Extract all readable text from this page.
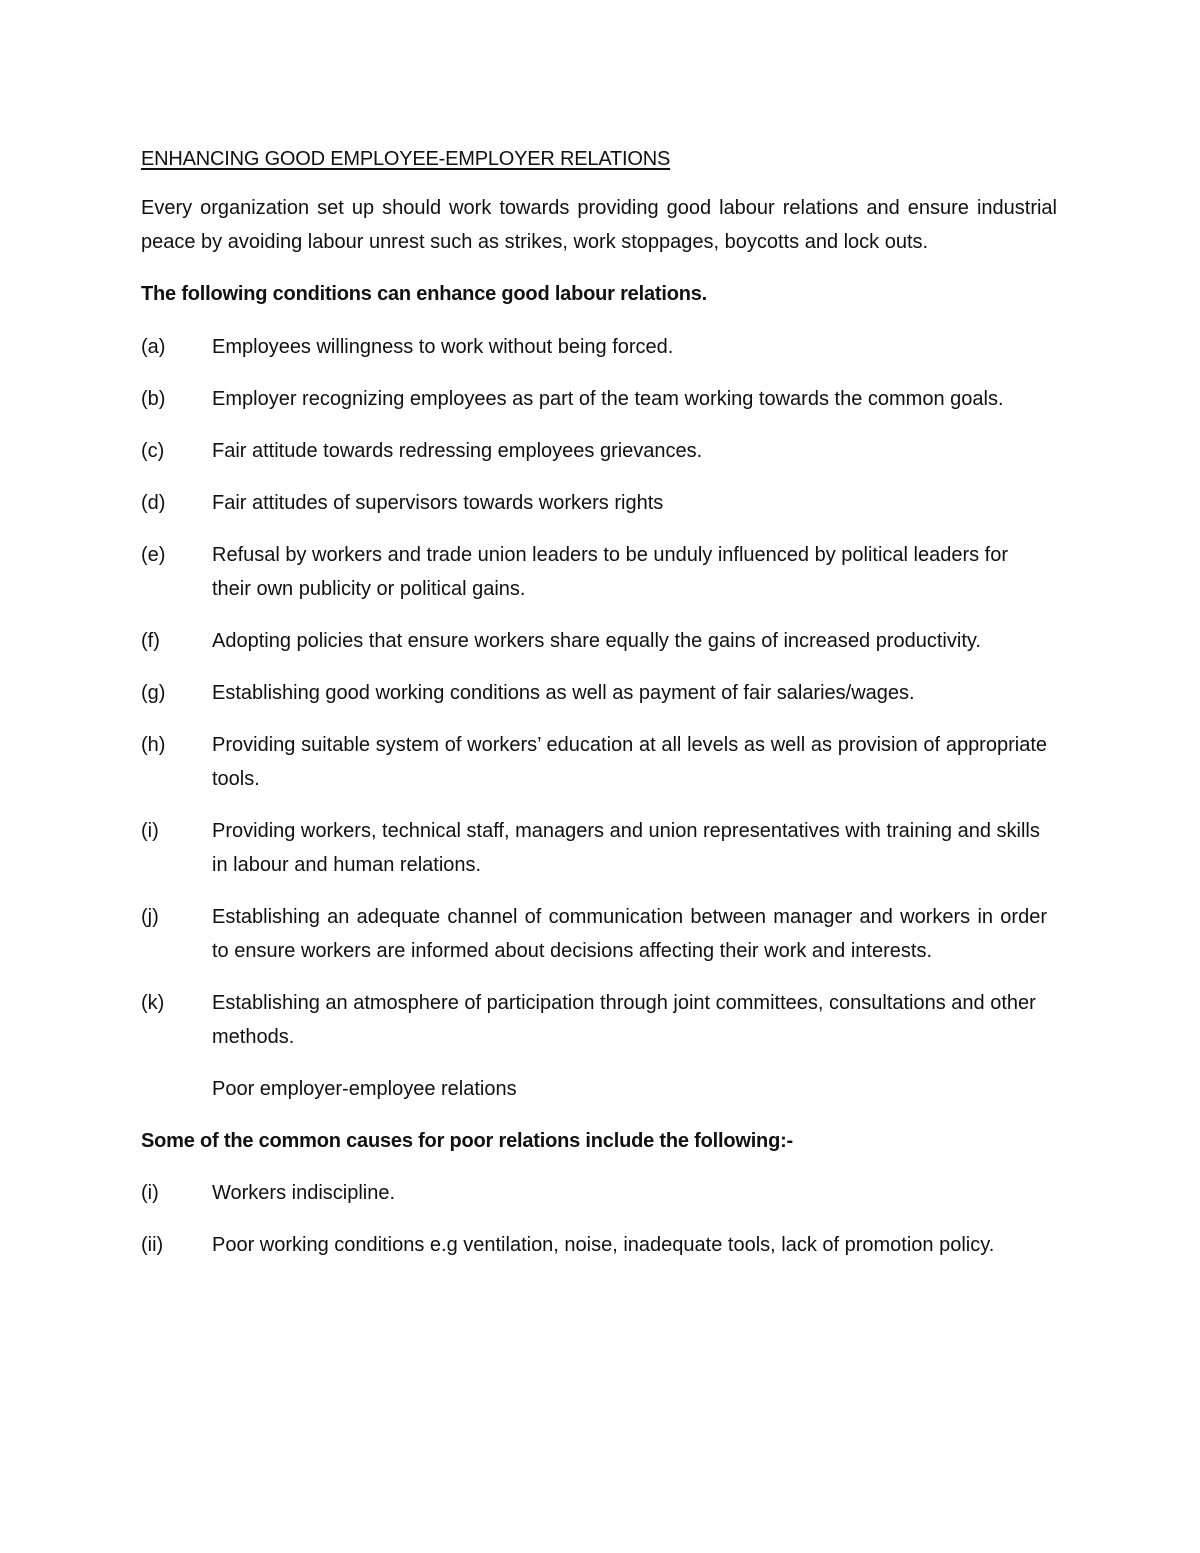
ENHANCING GOOD EMPLOYEE-EMPLOYER RELATIONS

Every organization set up should work towards providing good labour relations and ensure industrial peace by avoiding labour unrest such as strikes, work stoppages, boycotts and lock outs.

The following conditions can enhance good labour relations.

(a)	Employees willingness to work without being forced.
(b) Employer recognizing employees as part of the team working towards the common goals.
(c)	Fair attitude towards redressing employees grievances.
(d)	Fair attitudes of supervisors towards workers rights
(e)	Refusal by workers and trade union leaders to be unduly influenced by political leaders for their own publicity or political gains.
(f)	Adopting policies that ensure workers share equally the gains of increased productivity.
(g)	Establishing good working conditions as well as payment of fair salaries/wages.
(h)	Providing suitable system of workers’ education at all levels as well as provision of appropriate tools.
(i)	Providing workers, technical staff, managers and union representatives with training and skills in labour and human relations.
(j)	Establishing an adequate channel of communication between manager and workers in order to ensure workers are informed about decisions affecting their work and interests.
(k)	Establishing an atmosphere of participation through joint committees, consultations and other methods.

Poor employer-employee relations

Some of the common causes for poor relations include the following:-

(i)	Workers indiscipline.
(ii)	Poor working conditions e.g ventilation, noise, inadequate tools, lack of promotion policy.
